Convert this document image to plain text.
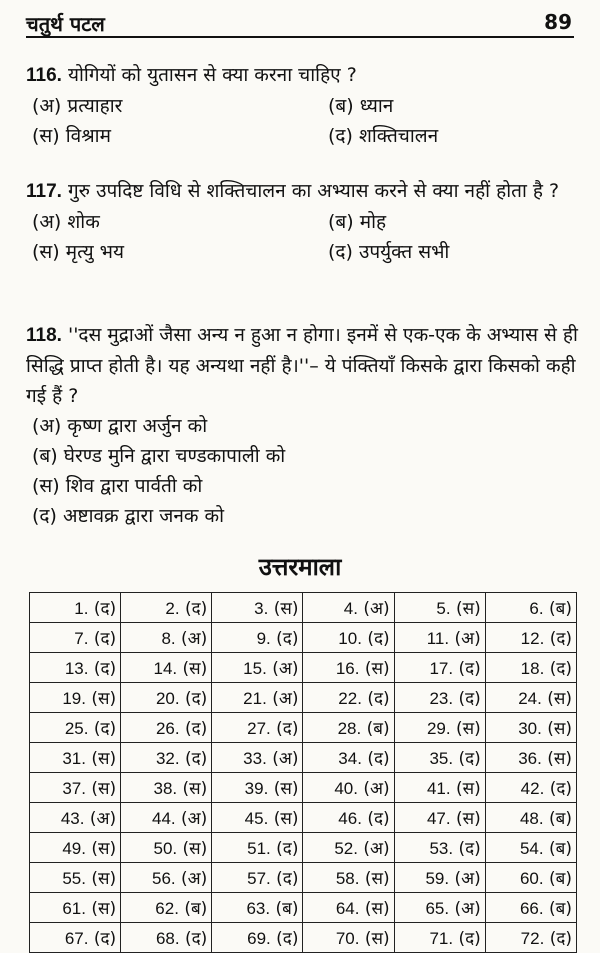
चतुर्थ पटल	89
116. योगियों को युतासन से क्या करना चाहिए ?
(अ) प्रत्याहार	(ब) ध्यान
(स) विश्राम	(द) शक्तिचालन
117. गुरु उपदिष्ट विधि से शक्तिचालन का अभ्यास करने से क्या नहीं होता है ?
(अ) शोक	(ब) मोह
(स) मृत्यु भय	(द) उपर्युक्त सभी
118. ''दस मुद्राओं जैसा अन्य न हुआ न होगा। इनमें से एक-एक के अभ्यास से ही सिद्धि प्राप्त होती है। यह अन्यथा नहीं है।''– ये पंक्तियाँ किसके द्वारा किसको कही गई हैं ?
(अ) कृष्ण द्वारा अर्जुन को
(ब) घेरण्ड मुनि द्वारा चण्डकापाली को
(स) शिव द्वारा पार्वती को
(द) अष्टावक्र द्वारा जनक को
उत्तरमाला
1. (द)	2. (द)	3. (स)	4. (अ)	5. (स)	6. (ब)
7. (द)	8. (अ)	9. (द)	10. (द)	11. (अ)	12. (द)
13. (द)	14. (स)	15. (अ)	16. (स)	17. (द)	18. (द)
19. (स)	20. (द)	21. (अ)	22. (द)	23. (द)	24. (स)
25. (द)	26. (द)	27. (द)	28. (ब)	29. (स)	30. (स)
31. (स)	32. (द)	33. (अ)	34. (द)	35. (द)	36. (स)
37. (स)	38. (स)	39. (स)	40. (अ)	41. (स)	42. (द)
43. (अ)	44. (अ)	45. (स)	46. (द)	47. (स)	48. (ब)
49. (स)	50. (स)	51. (द)	52. (अ)	53. (द)	54. (ब)
55. (स)	56. (अ)	57. (द)	58. (स)	59. (अ)	60. (ब)
61. (स)	62. (ब)	63. (ब)	64. (स)	65. (अ)	66. (ब)
67. (द)	68. (द)	69. (द)	70. (स)	71. (द)	72. (द)
